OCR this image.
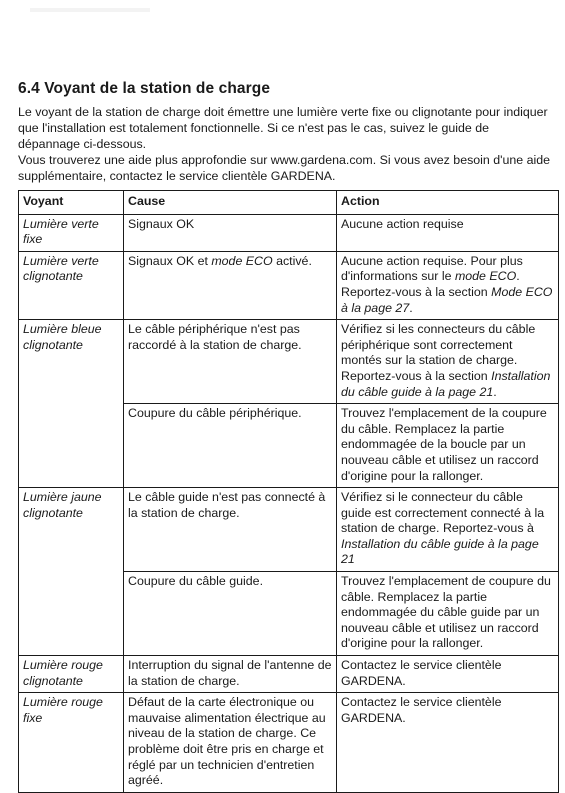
6.4 Voyant de la station de charge

Le voyant de la station de charge doit émettre une lumière verte fixe ou clignotante pour indiquer que l'installation est totalement fonctionnelle. Si ce n'est pas le cas, suivez le guide de dépannage ci-dessous.

Vous trouverez une aide plus approfondie sur www.gardena.com. Si vous avez besoin d'une aide supplémentaire, contactez le service clientèle GARDENA.

Voyant	Cause	Action
Lumière verte fixe	Signaux OK	Aucune action requise
Lumière verte clignotante	Signaux OK et mode ECO activé.	Aucune action requise. Pour plus d'informations sur le mode ECO. Reportez-vous à la section Mode ECO à la page 27.
Lumière bleue clignotante	Le câble périphérique n'est pas raccordé à la station de charge.	Vérifiez si les connecteurs du câble périphérique sont correctement montés sur la station de charge. Reportez-vous à la section Installation du câble guide à la page 21.
	Coupure du câble périphérique.	Trouvez l'emplacement de la coupure du câble. Remplacez la partie endommagée de la boucle par un nouveau câble et utilisez un raccord d'origine pour la rallonger.
Lumière jaune clignotante	Le câble guide n'est pas connecté à la station de charge.	Vérifiez si le connecteur du câble guide est correctement connecté à la station de charge. Reportez-vous à Installation du câble guide à la page 21
	Coupure du câble guide.	Trouvez l'emplacement de coupure du câble. Remplacez la partie endommagée du câble guide par un nouveau câble et utilisez un raccord d'origine pour la rallonger.
Lumière rouge clignotante	Interruption du signal de l'antenne de la station de charge.	Contactez le service clientèle GARDENA.
Lumière rouge fixe	Défaut de la carte électronique ou mauvaise alimentation électrique au niveau de la station de charge. Ce problème doit être pris en charge et réglé par un technicien d'entretien agréé.	Contactez le service clientèle GARDENA.
